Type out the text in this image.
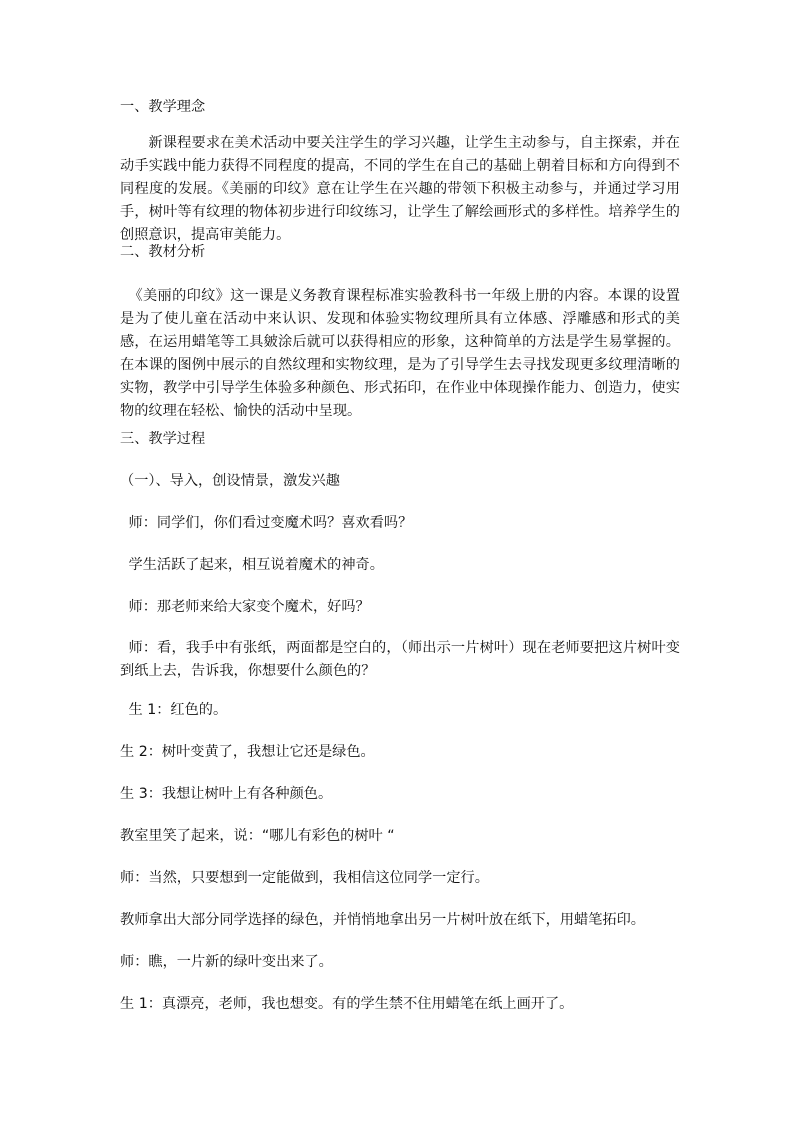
一、教学理念
新课程要求在美术活动中要关注学生的学习兴趣，让学生主动参与，自主探索，并在动手实践中能力获得不同程度的提高，不同的学生在自己的基础上朝着目标和方向得到不同程度的发展。《美丽的印纹》意在让学生在兴趣的带领下积极主动参与，并通过学习用手，树叶等有纹理的物体初步进行印纹练习，让学生了解绘画形式的多样性。培养学生的创照意识，提高审美能力。
二、教材分析
《美丽的印纹》这一课是义务教育课程标准实验教科书一年级上册的内容。本课的设置是为了使儿童在活动中来认识、发现和体验实物纹理所具有立体感、浮雕感和形式的美感，在运用蜡笔等工具皴涂后就可以获得相应的形象，这种简单的方法是学生易掌握的。在本课的图例中展示的自然纹理和实物纹理，是为了引导学生去寻找发现更多纹理清晰的实物，教学中引导学生体验多种颜色、形式拓印，在作业中体现操作能力、创造力，使实物的纹理在轻松、愉快的活动中呈现。
三、教学过程
（一）、导入，创设情景，激发兴趣
师：同学们，你们看过变魔术吗？喜欢看吗？
学生活跃了起来，相互说着魔术的神奇。
师：那老师来给大家变个魔术，好吗？
师：看，我手中有张纸，两面都是空白的，（师出示一片树叶）现在老师要把这片树叶变到纸上去，告诉我，你想要什么颜色的？
生 1：红色的。
生 2：树叶变黄了，我想让它还是绿色。
生 3：我想让树叶上有各种颜色。
教室里笑了起来，说：“哪儿有彩色的树叶 “
师：当然，只要想到一定能做到，我相信这位同学一定行。
教师拿出大部分同学选择的绿色，并悄悄地拿出另一片树叶放在纸下，用蜡笔拓印。
师：瞧，一片新的绿叶变出来了。
生 1：真漂亮，老师，我也想变。有的学生禁不住用蜡笔在纸上画开了。
